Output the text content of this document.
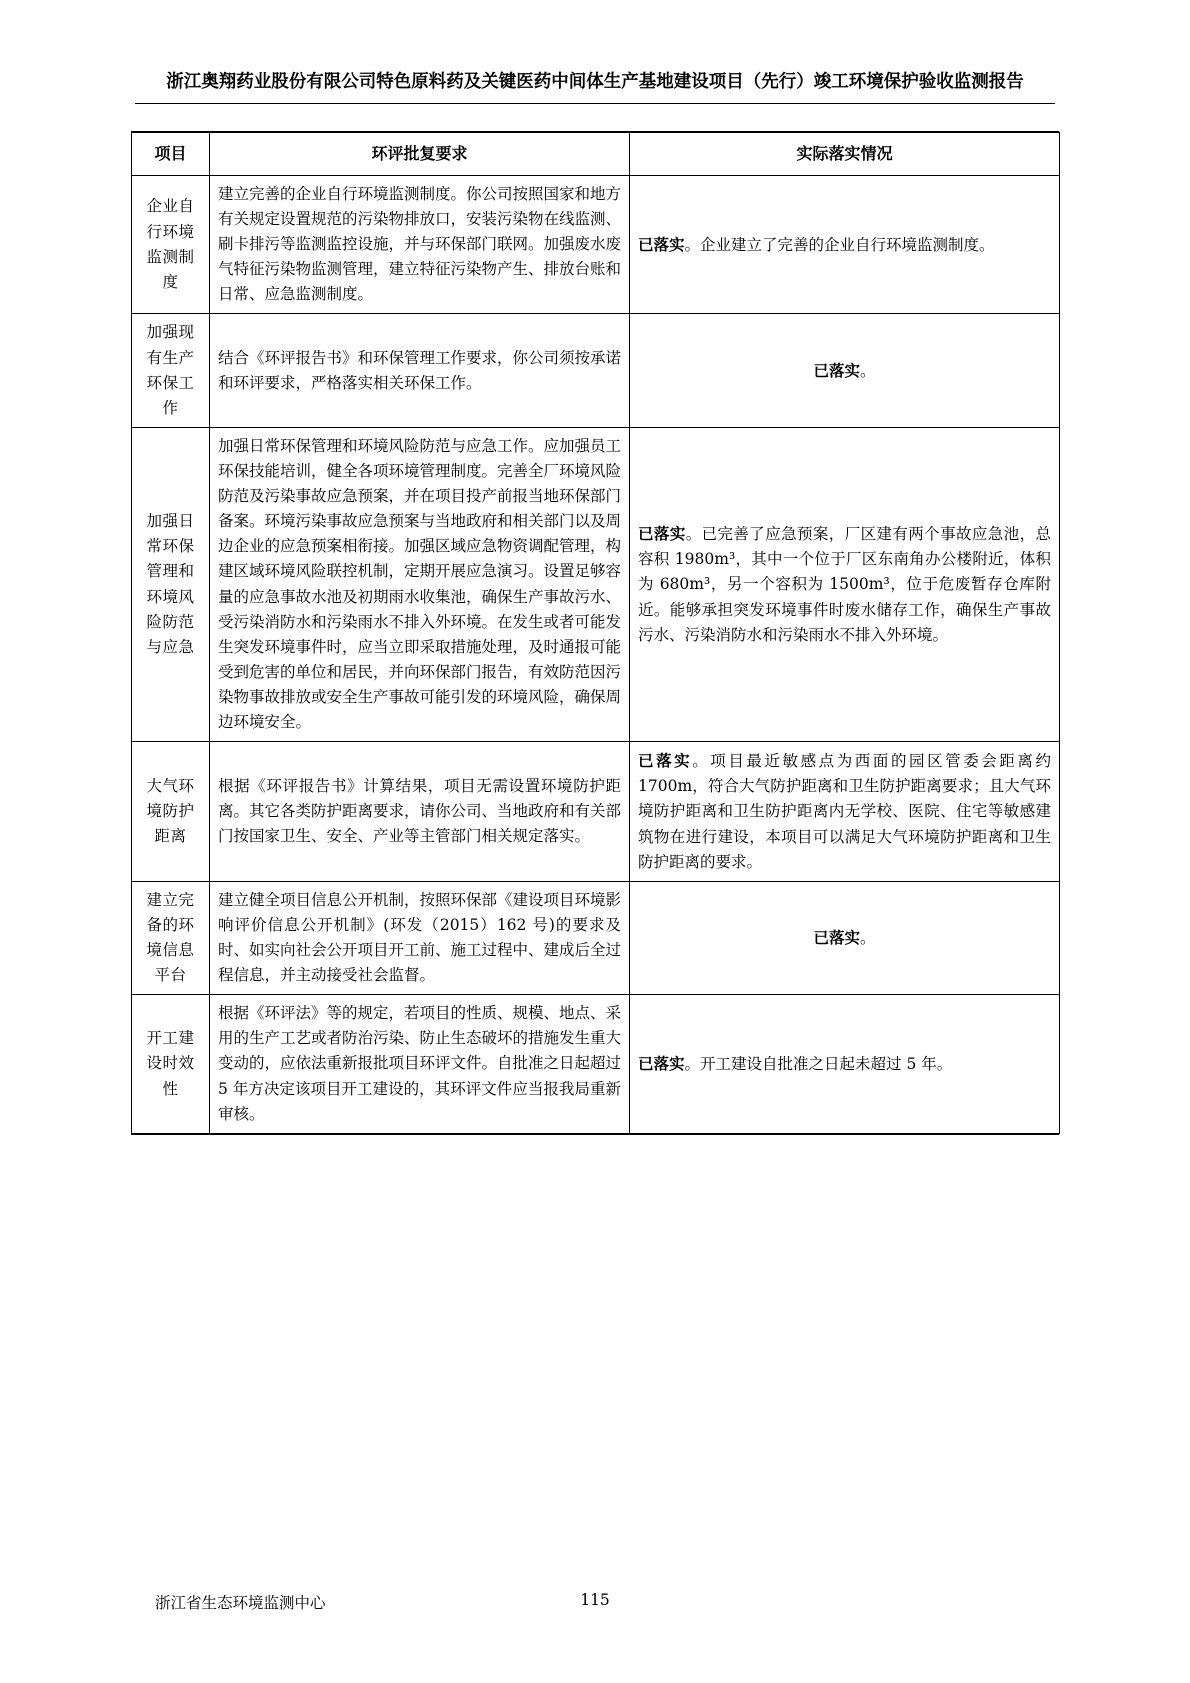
浙江奥翔药业股份有限公司特色原料药及关键医药中间体生产基地建设项目（先行）竣工环境保护验收监测报告
项目	环评批复要求	实际落实情况
企业自行环境监测制度	建立完善的企业自行环境监测制度。你公司按照国家和地方有关规定设置规范的污染物排放口，安装污染物在线监测、刷卡排污等监测监控设施，并与环保部门联网。加强废水废气特征污染物监测管理，建立特征污染物产生、排放台账和日常、应急监测制度。	已落实。企业建立了完善的企业自行环境监测制度。
加强现有生产环保工作	结合《环评报告书》和环保管理工作要求，你公司须按承诺和环评要求，严格落实相关环保工作。	已落实。
加强日常环保管理和环境风险防范与应急	加强日常环保管理和环境风险防范与应急工作。应加强员工环保技能培训，健全各项环境管理制度。完善全厂环境风险防范及污染事故应急预案，并在项目投产前报当地环保部门备案。环境污染事故应急预案与当地政府和相关部门以及周边企业的应急预案相衔接。加强区域应急物资调配管理，构建区域环境风险联控机制，定期开展应急演习。设置足够容量的应急事故水池及初期雨水收集池，确保生产事故污水、受污染消防水和污染雨水不排入外环境。在发生或者可能发生突发环境事件时，应当立即采取措施处理，及时通报可能受到危害的单位和居民，并向环保部门报告，有效防范因污染物事故排放或安全生产事故可能引发的环境风险，确保周边环境安全。	已落实。已完善了应急预案，厂区建有两个事故应急池，总容积 1980m³，其中一个位于厂区东南角办公楼附近，体积为 680m³，另一个容积为 1500m³，位于危废暂存仓库附近。能够承担突发环境事件时废水储存工作，确保生产事故污水、污染消防水和污染雨水不排入外环境。
大气环境防护距离	根据《环评报告书》计算结果，项目无需设置环境防护距离。其它各类防护距离要求，请你公司、当地政府和有关部门按国家卫生、安全、产业等主管部门相关规定落实。	已落实。项目最近敏感点为西面的园区管委会距离约 1700m，符合大气防护距离和卫生防护距离要求；且大气环境防护距离和卫生防护距离内无学校、医院、住宅等敏感建筑物在进行建设，本项目可以满足大气环境防护距离和卫生防护距离的要求。
建立完备的环境信息平台	建立健全项目信息公开机制，按照环保部《建设项目环境影响评价信息公开机制》(环发（2015）162 号)的要求及时、如实向社会公开项目开工前、施工过程中、建成后全过程信息，并主动接受社会监督。	已落实。
开工建设时效性	根据《环评法》等的规定，若项目的性质、规模、地点、采用的生产工艺或者防治污染、防止生态破坏的措施发生重大变动的，应依法重新报批项目环评文件。自批准之日起超过 5 年方决定该项目开工建设的，其环评文件应当报我局重新审核。	已落实。开工建设自批准之日起未超过 5 年。
浙江省生态环境监测中心	115
